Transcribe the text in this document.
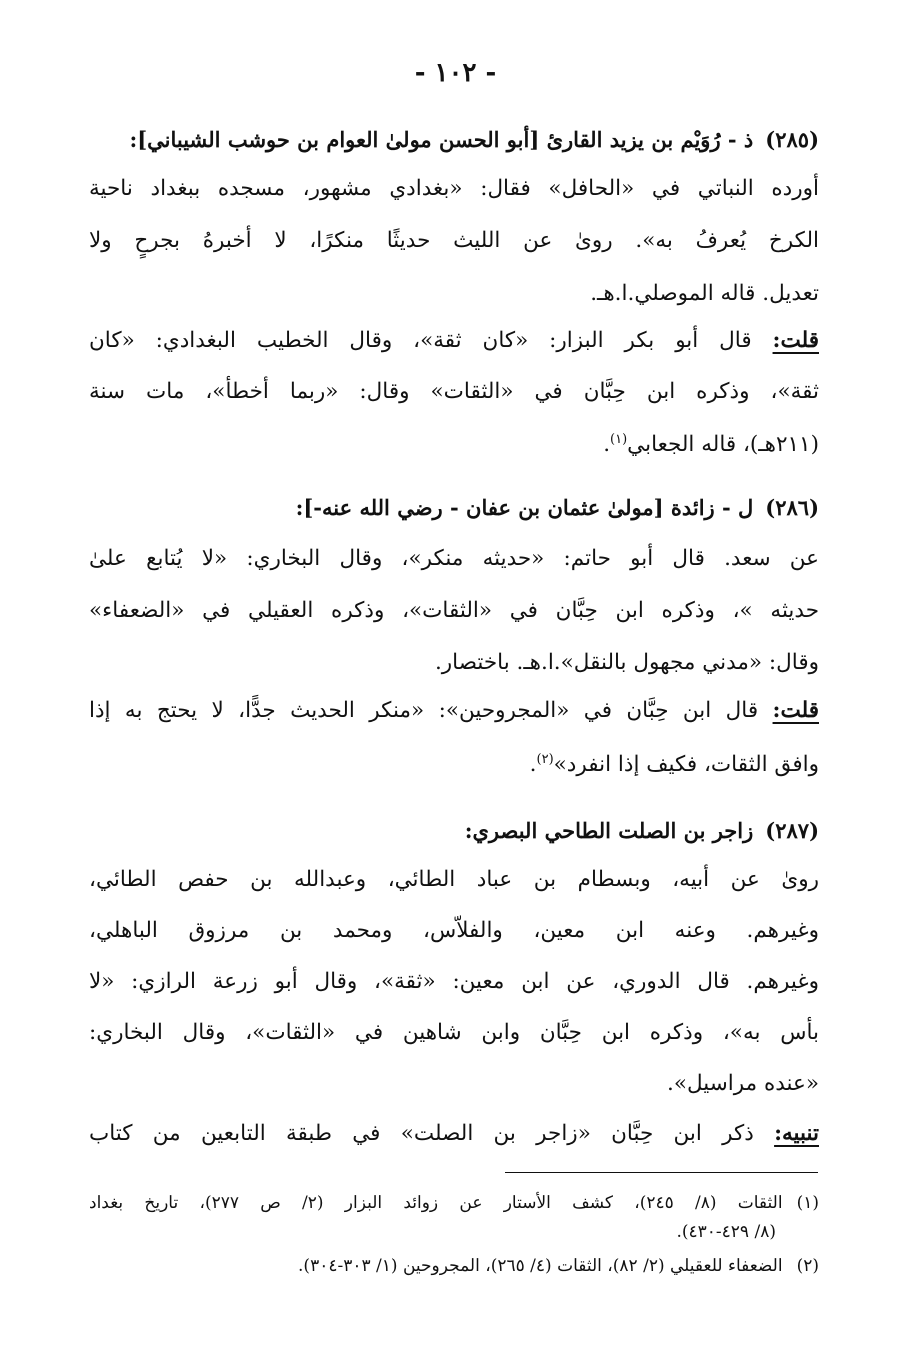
- ١٠٢ -
(٢٨٥)ذ - رُوَيْم بن يزيد القارئ [أبو الحسن مولىٰ العوام بن حوشب الشيباني]:
أورده النباتي في «الحافل» فقال: «بغدادي مشهور، مسجده ببغداد ناحية
الكرخ يُعرفُ به». روىٰ عن الليث حديثًا منكرًا، لا أخبرهُ بجرحٍ ولا
تعديل. قاله الموصلي.ا.هـ.
قلت: قال أبو بكر البزار: «كان ثقة»، وقال الخطيب البغدادي: «كان
ثقة»، وذكره ابن حِبَّان في «الثقات» وقال: «ربما أخطأ»، مات سنة
(٢١١هـ)، قاله الجعابي$^{(١)}$.
(٢٨٦)ل - زائدة [مولىٰ عثمان بن عفان - رضي الله عنه-]:
عن سعد. قال أبو حاتم: «حديثه منكر»، وقال البخاري: «لا يُتابع علىٰ
حديثه »، وذكره ابن حِبَّان في «الثقات»، وذكره العقيلي في «الضعفاء»
وقال: «مدني مجهول بالنقل».ا.هـ. باختصار.
قلت: قال ابن حِبَّان في «المجروحين»: «منكر الحديث جدًّا، لا يحتج به إذا
وافق الثقات، فكيف إذا انفرد»$^{(٢)}$.
(٢٨٧)زاجر بن الصلت الطاحي البصري:
روىٰ عن أبيه، وبسطام بن عباد الطائي، وعبدالله بن حفص الطائي،
وغيرهم. وعنه ابن معين، والفلاّس، ومحمد بن مرزوق الباهلي،
وغيرهم. قال الدوري، عن ابن معين: «ثقة»، وقال أبو زرعة الرازي: «لا
بأس به»، وذكره ابن حِبَّان وابن شاهين في «الثقات»، وقال البخاري:
«عنده مراسيل».
تنبيه: ذكر ابن حِبَّان «زاجر بن الصلت» في طبقة التابعين من كتاب
(١)الثقات (٨/ ٢٤٥)، كشف الأستار عن زوائد البزار (٢/ ص ٢٧٧)، تاريخ بغداد
(٨/ ٤٢٩-٤٣٠).
(٢)الضعفاء للعقيلي (٢/ ٨٢)، الثقات (٤/ ٢٦٥)، المجروحين (١/ ٣٠٣-٣٠٤).
